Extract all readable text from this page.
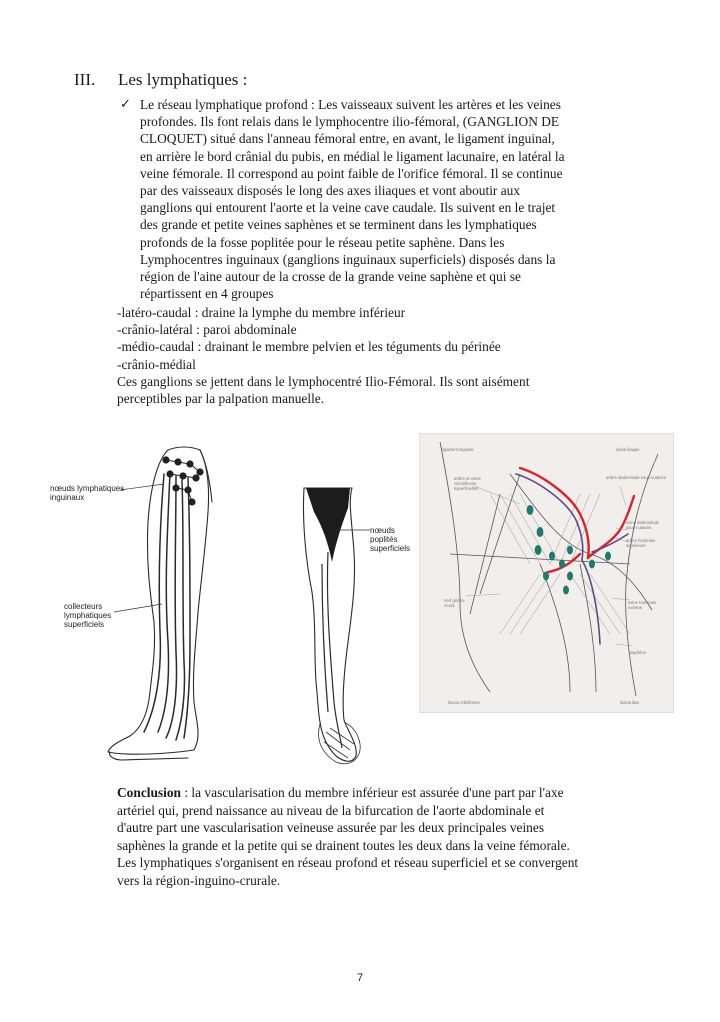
III. Les lymphatiques :
✓ Le réseau lymphatique profond : Les vaisseaux suivent les artères et les veines

profondes. Ils font relais dans le lymphocentre ilio-fémoral, (GANGLION DE

CLOQUET) situé dans l'anneau fémoral entre, en avant, le ligament inguinal,

en arrière le bord crânial du pubis, en médial le ligament lacunaire, en latéral la

veine fémorale. Il correspond au point faible de l'orifice fémoral. Il se continue

par des vaisseaux disposés le long des axes iliaques et vont aboutir aux

ganglions qui entourent l'aorte et la veine cave caudale. Ils suivent en le trajet

des grande et petite veines saphènes et se terminent dans les lymphatiques

profonds de la fosse poplitée pour le réseau petite saphène. Dans les

Lymphocentres inguinaux (ganglions inguinaux superficiels) disposés dans la

région de l'aine autour de la crosse de la grande veine saphène et qui se

répartissent en 4 groupes

-latéro-caudal : draine la lymphe du membre inférieur

-crânio-latéral : paroi abdominale

-médio-caudal : drainant le membre pelvien et les téguments du périnée

-crânio-médial

Ces ganglions se jettent dans le lymphocentré Ilio-Fémoral. Ils sont aisément

perceptibles par la palpation manuelle.

nœuds lymphatiques
inguinaux
collecteurs
lymphatiques
superficiels
nœuds
poplités
superficiels
ligament inguinal	épine iliaque
artère et veine
circonflexes
superficielles
artère abdominale sous-cutanée
veine abdominale
sous-cutanée
artère honteuse
supérieure
nerf génito-
crural
veine honteuse
externe
saphène
fascia cribriforme	fascia lata

Conclusion : la vascularisation du membre inférieur est assurée d'une part par l'axe

artériel qui, prend naissance au niveau de la bifurcation de l'aorte abdominale et

d'autre part une vascularisation veineuse assurée par les deux principales veines

saphènes la grande et la petite qui se drainent toutes les deux dans la veine fémorale.

Les lymphatiques s'organisent en réseau profond et réseau superficiel et se convergent

vers la région-inguino-crurale.

7
